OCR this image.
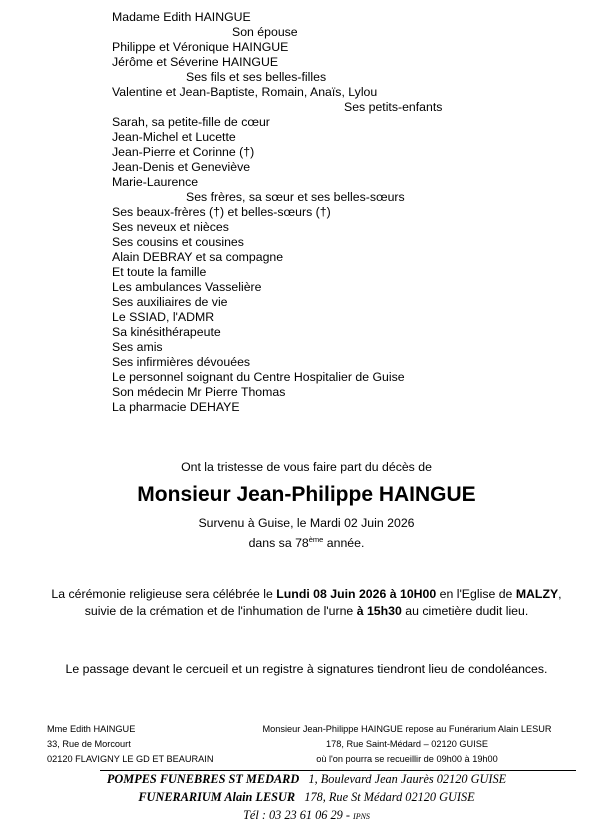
Madame Edith HAINGUE
Son épouse
Philippe et Véronique HAINGUE
Jérôme et Séverine HAINGUE
Ses fils et ses belles-filles
Valentine et Jean-Baptiste, Romain, Anaïs, Lylou
Ses petits-enfants
Sarah, sa petite-fille de cœur
Jean-Michel et Lucette
Jean-Pierre et Corinne (†)
Jean-Denis et Geneviève
Marie-Laurence
Ses frères, sa sœur et ses belles-sœurs
Ses beaux-frères (†) et belles-sœurs (†)
Ses neveux et nièces
Ses cousins et cousines
Alain DEBRAY et sa compagne
Et toute la famille
Les ambulances Vasselière
Ses auxiliaires de vie
Le SSIAD, l'ADMR
Sa kinésithérapeute
Ses amis
Ses infirmières dévouées
Le personnel soignant du Centre Hospitalier de Guise
Son médecin Mr Pierre Thomas
La pharmacie DEHAYE
Ont la tristesse de vous faire part du décès de
Monsieur Jean-Philippe HAINGUE
Survenu à Guise, le Mardi 02 Juin 2026
dans sa 78ème année.
La cérémonie religieuse sera célébrée le Lundi 08 Juin 2026 à 10H00 en l'Eglise de MALZY,
suivie de la crémation et de l'inhumation de l'urne à 15h30 au cimetière dudit lieu.
Le passage devant le cercueil et un registre à signatures tiendront lieu de condoléances.
Mme Edith HAINGUE
33, Rue de Morcourt
02120 FLAVIGNY LE GD ET BEAURAIN
Monsieur Jean-Philippe HAINGUE repose au Funérarium Alain LESUR
178, Rue Saint-Médard – 02120 GUISE
où l'on pourra se recueillir de 09h00 à 19h00
POMPES FUNEBRES ST MEDARD 1, Boulevard Jean Jaurès 02120 GUISE
FUNERARIUM Alain LESUR 178, Rue St Médard 02120 GUISE
Tél : 03 23 61 06 29 - IPNS
